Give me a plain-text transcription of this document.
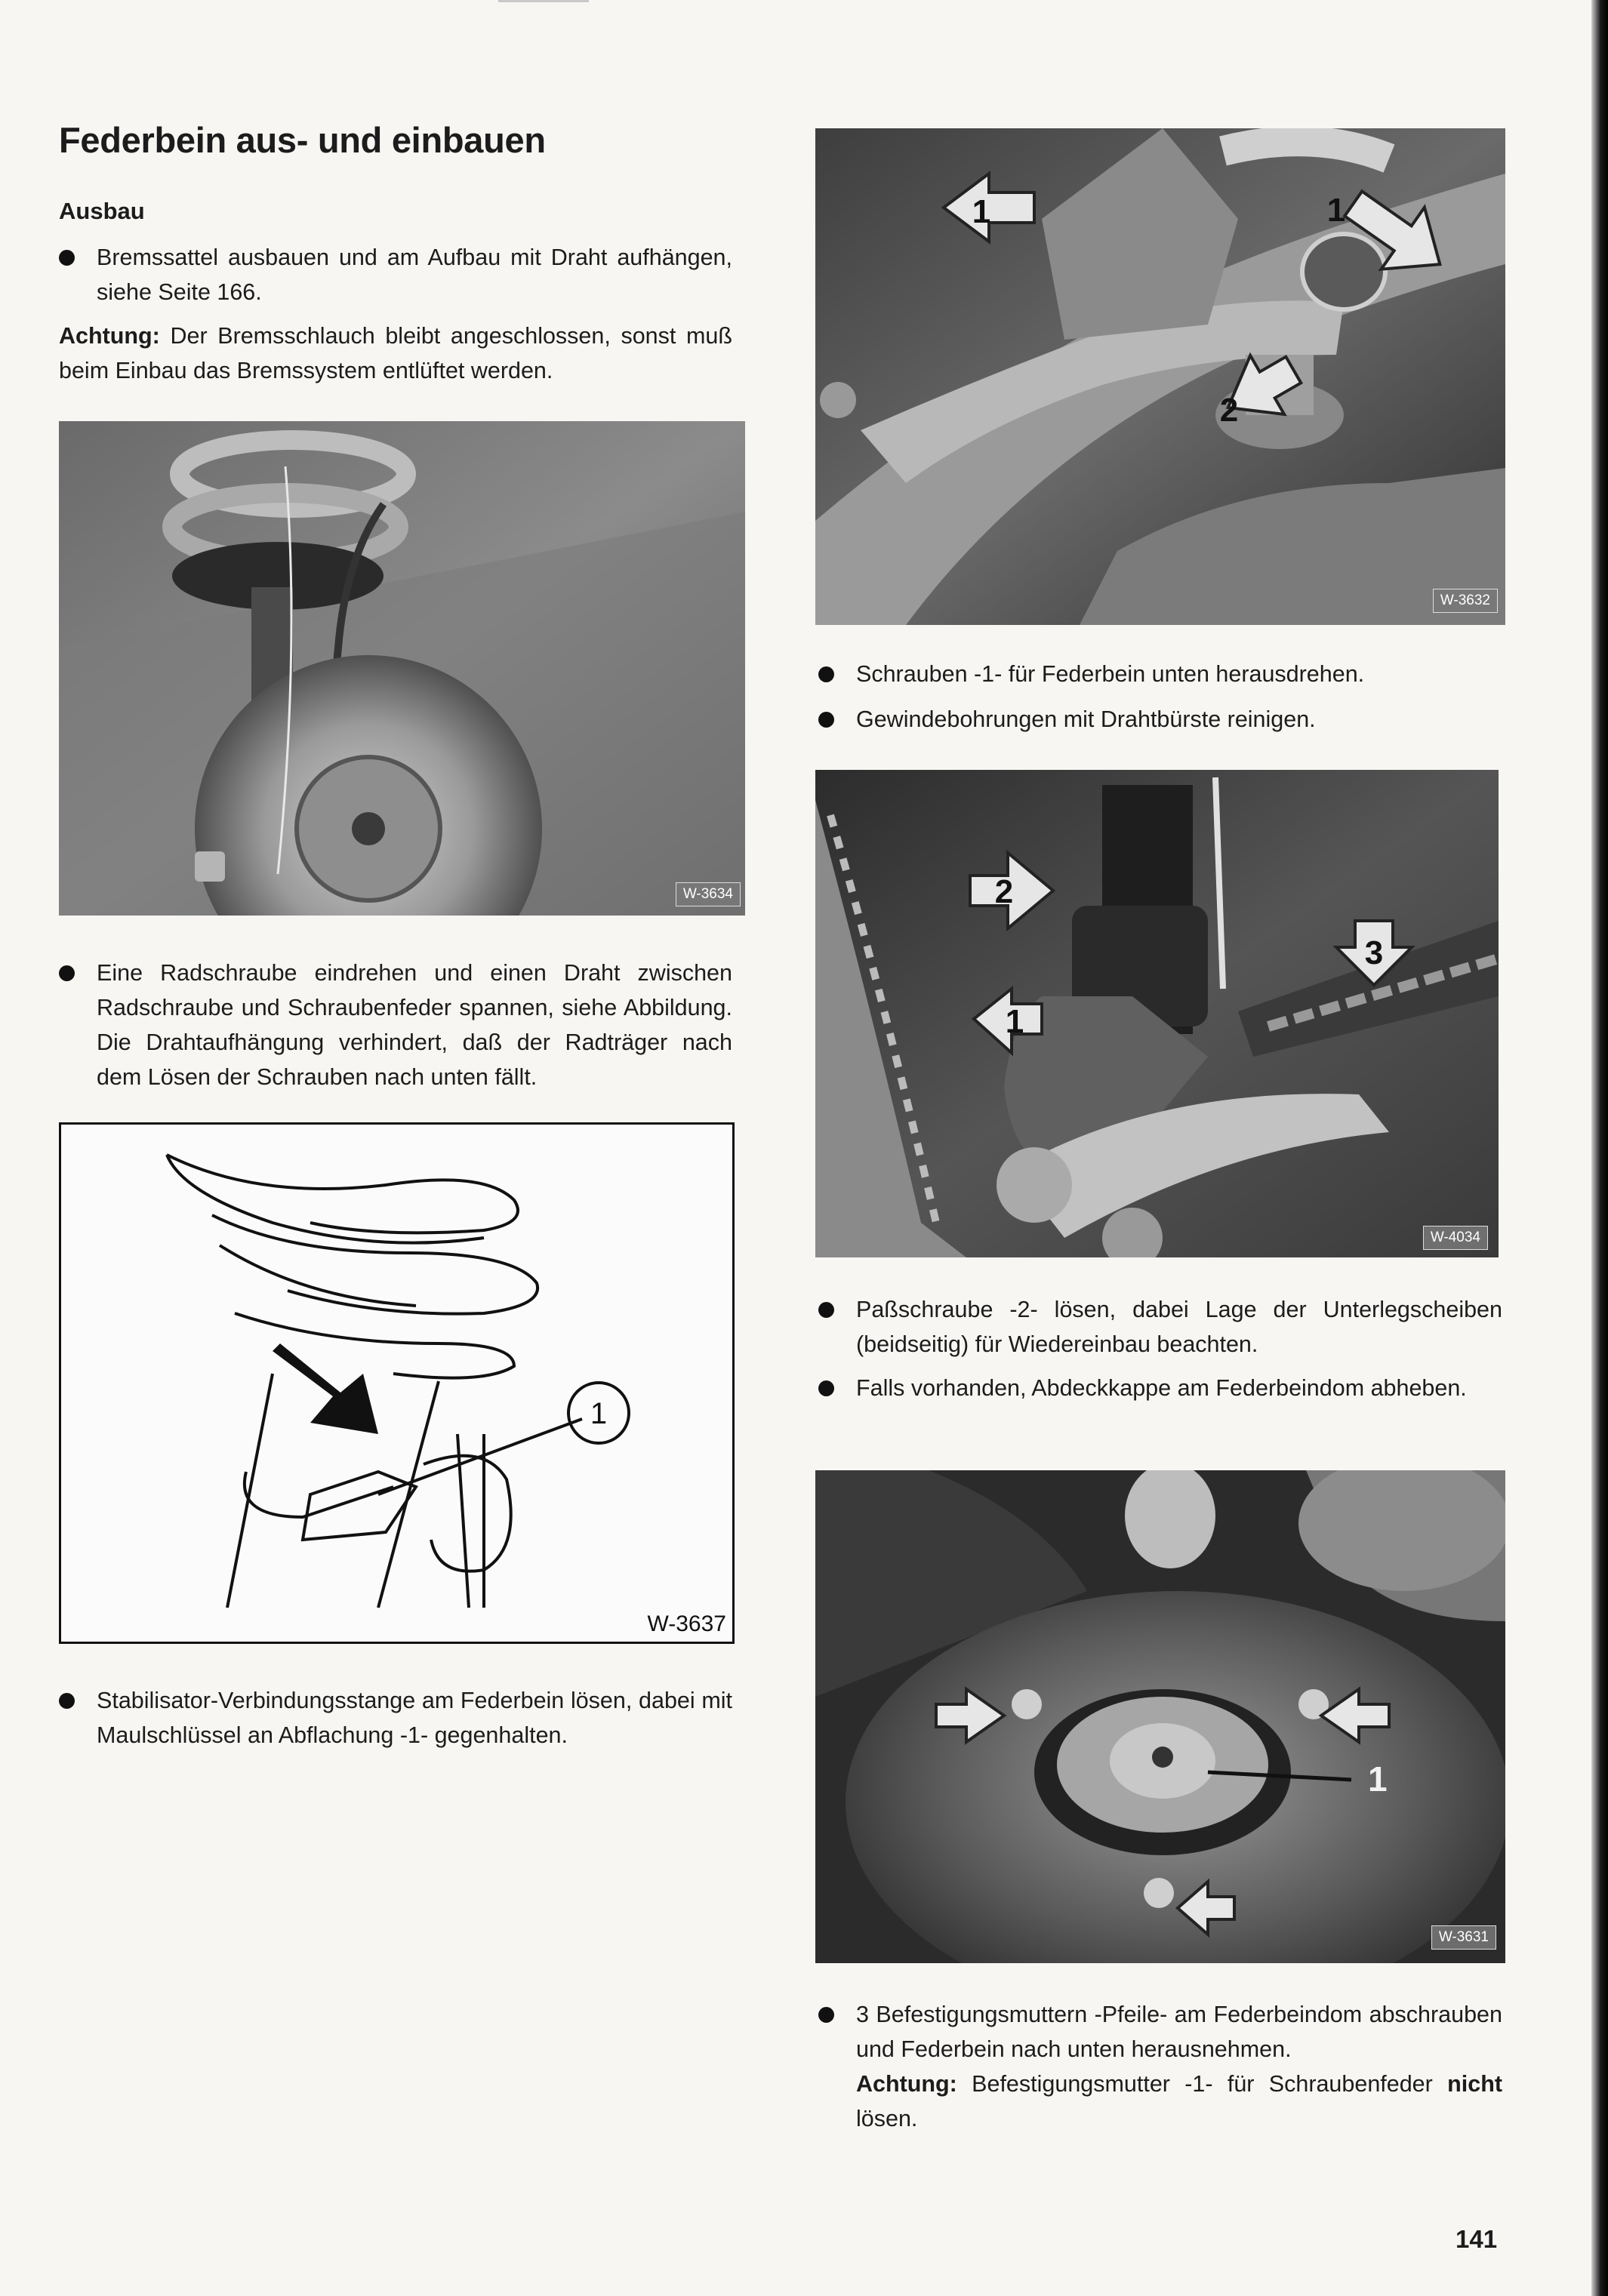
Federbein aus- und einbauen
Ausbau

Bremssattel ausbauen und am Aufbau mit Draht aufhängen, siehe Seite 166.

Achtung: Der Bremsschlauch bleibt angeschlossen, sonst muß beim Einbau das Bremssystem entlüftet werden.

W-3634

Eine Radschraube eindrehen und einen Draht zwischen Radschraube und Schraubenfeder spannen, siehe Abbildung. Die Drahtaufhängung verhindert, daß der Radträger nach dem Lösen der Schrauben nach unten fällt.

1
W-3637

Stabilisator-Verbindungsstange am Federbein lösen, dabei mit Maulschlüssel an Abflachung -1- gegenhalten.

1	1
2
W-3632

Schrauben -1- für Federbein unten herausdrehen.

Gewindebohrungen mit Drahtbürste reinigen.

2
1
3
W-4034

Paßschraube -2- lösen, dabei Lage der Unterlegscheiben (beidseitig) für Wiedereinbau beachten.

Falls vorhanden, Abdeckkappe am Federbeindom abheben.

1
W-3631

3 Befestigungsmuttern -Pfeile- am Federbeindom abschrauben und Federbein nach unten herausnehmen.

Achtung: Befestigungsmutter -1- für Schraubenfeder nicht lösen.

141
